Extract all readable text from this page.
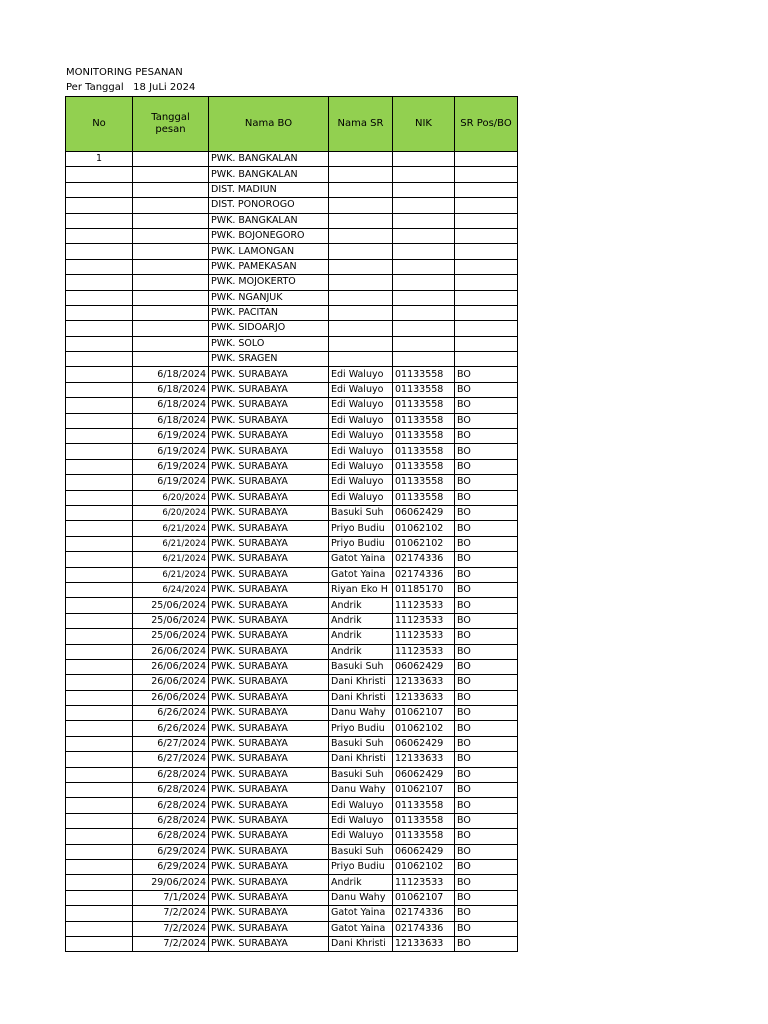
MONITORING PESANAN
Per Tanggal   18 JuLi 2024
No	Tanggal pesan	Nama BO	Nama SR	NIK	SR Pos/BO
1		PWK. BANGKALAN			
		PWK. BANGKALAN			
		DIST. MADIUN			
		DIST. PONOROGO			
		PWK. BANGKALAN			
		PWK. BOJONEGORO			
		PWK. LAMONGAN			
		PWK. PAMEKASAN			
		PWK. MOJOKERTO			
		PWK. NGANJUK			
		PWK. PACITAN			
		PWK. SIDOARJO			
		PWK. SOLO			
		PWK. SRAGEN			
	6/18/2024	PWK. SURABAYA	Edi Waluyo	01133558	BO
	6/18/2024	PWK. SURABAYA	Edi Waluyo	01133558	BO
	6/18/2024	PWK. SURABAYA	Edi Waluyo	01133558	BO
	6/18/2024	PWK. SURABAYA	Edi Waluyo	01133558	BO
	6/19/2024	PWK. SURABAYA	Edi Waluyo	01133558	BO
	6/19/2024	PWK. SURABAYA	Edi Waluyo	01133558	BO
	6/19/2024	PWK. SURABAYA	Edi Waluyo	01133558	BO
	6/19/2024	PWK. SURABAYA	Edi Waluyo	01133558	BO
	6/20/2024	PWK. SURABAYA	Edi Waluyo	01133558	BO
	6/20/2024	PWK. SURABAYA	Basuki Suh	06062429	BO
	6/21/2024	PWK. SURABAYA	Priyo Budiu	01062102	BO
	6/21/2024	PWK. SURABAYA	Priyo Budiu	01062102	BO
	6/21/2024	PWK. SURABAYA	Gatot Yaina	02174336	BO
	6/21/2024	PWK. SURABAYA	Gatot Yaina	02174336	BO
	6/24/2024	PWK. SURABAYA	Riyan Eko H	01185170	BO
	25/06/2024	PWK. SURABAYA	Andrik	11123533	BO
	25/06/2024	PWK. SURABAYA	Andrik	11123533	BO
	25/06/2024	PWK. SURABAYA	Andrik	11123533	BO
	26/06/2024	PWK. SURABAYA	Andrik	11123533	BO
	26/06/2024	PWK. SURABAYA	Basuki Suh	06062429	BO
	26/06/2024	PWK. SURABAYA	Dani Khristi	12133633	BO
	26/06/2024	PWK. SURABAYA	Dani Khristi	12133633	BO
	6/26/2024	PWK. SURABAYA	Danu Wahy	01062107	BO
	6/26/2024	PWK. SURABAYA	Priyo Budiu	01062102	BO
	6/27/2024	PWK. SURABAYA	Basuki Suh	06062429	BO
	6/27/2024	PWK. SURABAYA	Dani Khristi	12133633	BO
	6/28/2024	PWK. SURABAYA	Basuki Suh	06062429	BO
	6/28/2024	PWK. SURABAYA	Danu Wahy	01062107	BO
	6/28/2024	PWK. SURABAYA	Edi Waluyo	01133558	BO
	6/28/2024	PWK. SURABAYA	Edi Waluyo	01133558	BO
	6/28/2024	PWK. SURABAYA	Edi Waluyo	01133558	BO
	6/29/2024	PWK. SURABAYA	Basuki Suh	06062429	BO
	6/29/2024	PWK. SURABAYA	Priyo Budiu	01062102	BO
	29/06/2024	PWK. SURABAYA	Andrik	11123533	BO
	7/1/2024	PWK. SURABAYA	Danu Wahy	01062107	BO
	7/2/2024	PWK. SURABAYA	Gatot Yaina	02174336	BO
	7/2/2024	PWK. SURABAYA	Gatot Yaina	02174336	BO
	7/2/2024	PWK. SURABAYA	Dani Khristi	12133633	BO
